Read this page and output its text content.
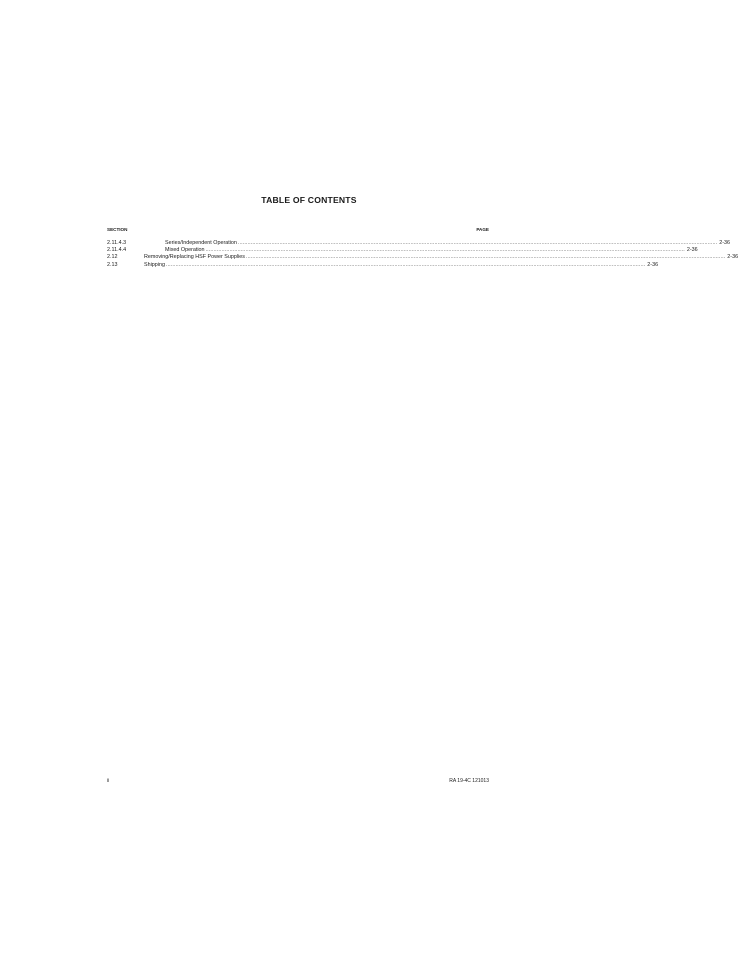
TABLE OF CONTENTS
SECTION	PAGE
2.11.4.3	Series/Independent Operation ............................................................................................................................................................................................................................................................................................................ 2-36
2.11.4.4	Mixed Operation ............................................................................................................................................................................................................................................................................................................ 2-36
2.12	Removing/Replacing HSF Power Supplies ............................................................................................................................................................................................................................................................................................................ 2-36
2.13	Shipping ............................................................................................................................................................................................................................................................................................................ 2-36
ii	RA 19-4C 121013
